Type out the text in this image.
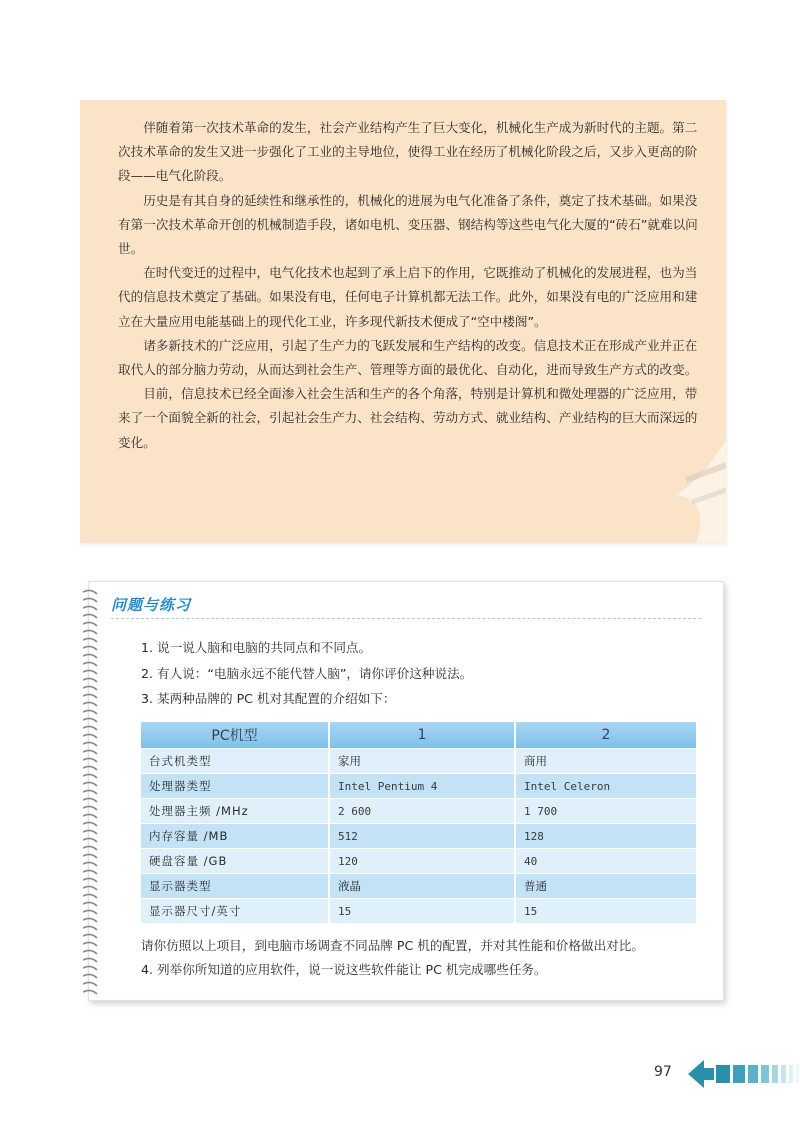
伴随着第一次技术革命的发生，社会产业结构产生了巨大变化，机械化生产成为新时代的主题。第二次技术革命的发生又进一步强化了工业的主导地位，使得工业在经历了机械化阶段之后，又步入更高的阶段——电气化阶段。

历史是有其自身的延续性和继承性的，机械化的进展为电气化准备了条件，奠定了技术基础。如果没有第一次技术革命开创的机械制造手段，诸如电机、变压器、钢结构等这些电气化大厦的“砖石”就难以问世。

在时代变迁的过程中，电气化技术也起到了承上启下的作用，它既推动了机械化的发展进程，也为当代的信息技术奠定了基础。如果没有电，任何电子计算机都无法工作。此外，如果没有电的广泛应用和建立在大量应用电能基础上的现代化工业，许多现代新技术便成了“空中楼阁”。

诸多新技术的广泛应用，引起了生产力的飞跃发展和生产结构的改变。信息技术正在形成产业并正在取代人的部分脑力劳动，从而达到社会生产、管理等方面的最优化、自动化，进而导致生产方式的改变。

目前，信息技术已经全面渗入社会生活和生产的各个角落，特别是计算机和微处理器的广泛应用，带来了一个面貌全新的社会，引起社会生产力、社会结构、劳动方式、就业结构、产业结构的巨大而深远的变化。

问题与练习
1. 说一说人脑和电脑的共同点和不同点。
2. 有人说：“电脑永远不能代替人脑”，请你评价这种说法。
3. 某两种品牌的 PC 机对其配置的介绍如下：
PC机型	1	2
台式机类型	家用	商用
处理器类型	Intel Pentium 4	Intel Celeron
处理器主频 /MHz	2 600	1 700
内存容量 /MB	512	128
硬盘容量 /GB	120	40
显示器类型	液晶	普通
显示器尺寸/英寸	15	15
请你仿照以上项目，到电脑市场调查不同品牌 PC 机的配置，并对其性能和价格做出对比。
4. 列举你所知道的应用软件，说一说这些软件能让 PC 机完成哪些任务。
97
